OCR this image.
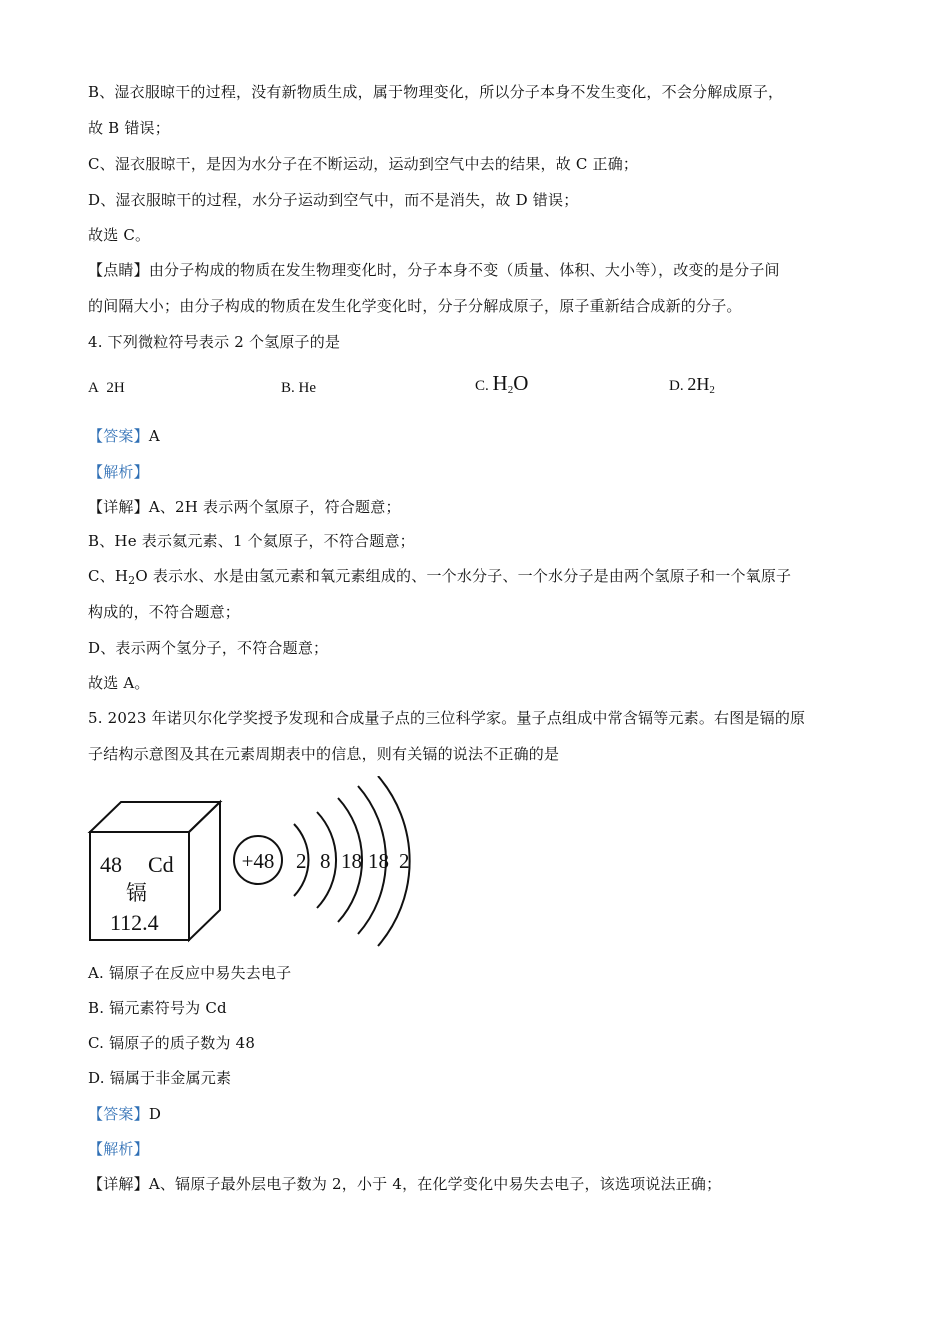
B、湿衣服晾干的过程，没有新物质生成，属于物理变化，所以分子本身不发生变化，不会分解成原子，
故 B 错误；
C、湿衣服晾干，是因为水分子在不断运动，运动到空气中去的结果，故 C 正确；
D、湿衣服晾干的过程，水分子运动到空气中，而不是消失，故 D 错误；
故选 C。
【点睛】由分子构成的物质在发生物理变化时，分子本身不变（质量、体积、大小等），改变的是分子间
的间隔大小；由分子构成的物质在发生化学变化时，分子分解成原子，原子重新结合成新的分子。
4. 下列微粒符号表示 2 个氢原子的是
A 2H	B. He	C. $H_2O$	D. $2H_2$
【答案】A
【解析】
【详解】A、2H 表示两个氢原子，符合题意；
B、He 表示氦元素、1 个氦原子，不符合题意；
C、$H_2O$ 表示水、水是由氢元素和氧元素组成的、一个水分子、一个水分子是由两个氢原子和一个氧原子
构成的，不符合题意；
D、表示两个氢分子，不符合题意；
故选 A。
5. 2023 年诺贝尔化学奖授予发现和合成量子点的三位科学家。量子点组成中常含镉等元素。右图是镉的原
子结构示意图及其在元素周期表中的信息，则有关镉的说法不正确的是
48 Cd
镉
112.4
+48 2 8 18 18 2
A. 镉原子在反应中易失去电子
B. 镉元素符号为 Cd
C. 镉原子的质子数为 48
D. 镉属于非金属元素
【答案】D
【解析】
【详解】A、镉原子最外层电子数为 2，小于 4，在化学变化中易失去电子，该选项说法正确；
